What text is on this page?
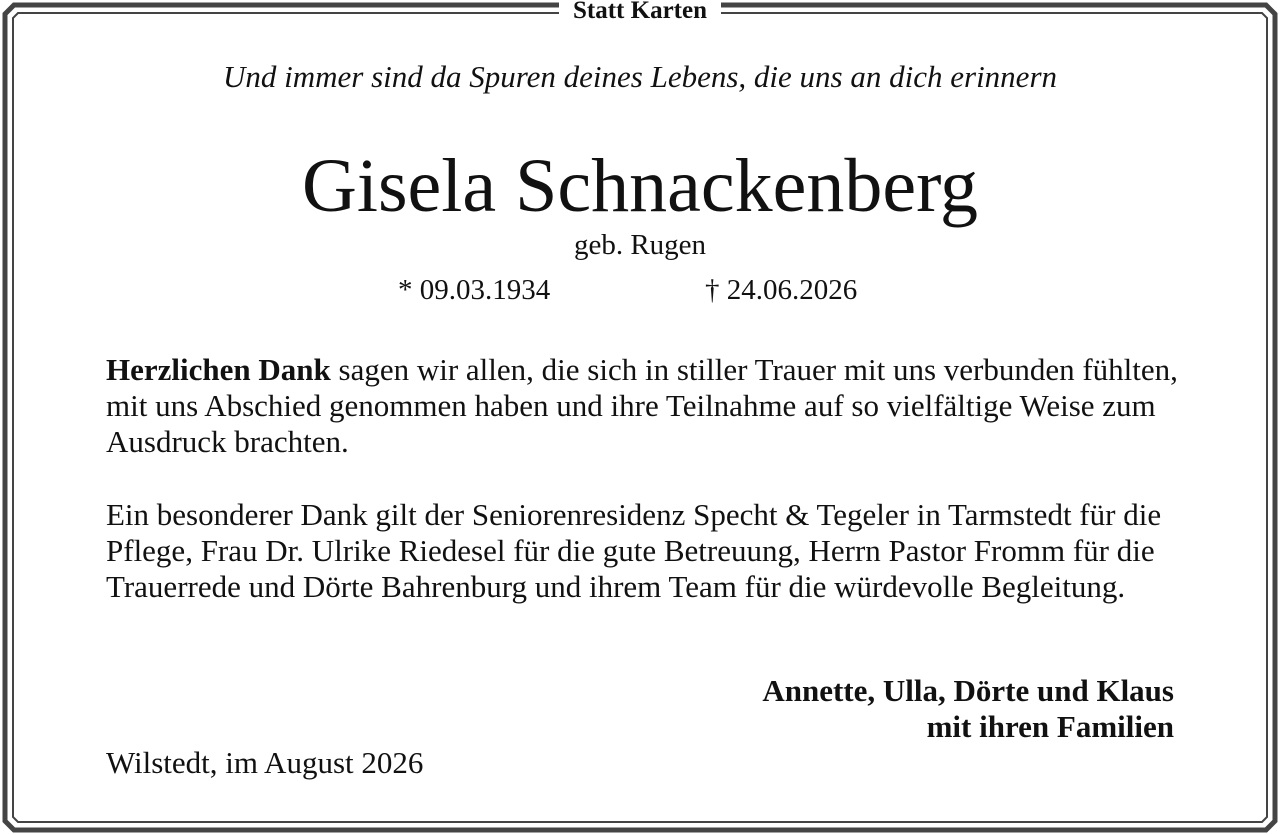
Statt Karten
Und immer sind da Spuren deines Lebens, die uns an dich erinnern
Gisela Schnackenberg
geb. Rugen
* 09.03.1934	† 24.06.2026
Herzlichen Dank sagen wir allen, die sich in stiller Trauer mit uns verbunden fühlten, mit uns Abschied genommen haben und ihre Teilnahme auf so vielfältige Weise zum Ausdruck brachten.
Ein besonderer Dank gilt der Seniorenresidenz Specht & Tegeler in Tarmstedt für die Pflege, Frau Dr. Ulrike Riedesel für die gute Betreuung, Herrn Pastor Fromm für die Trauerrede und Dörte Bahrenburg und ihrem Team für die würdevolle Begleitung.
Annette, Ulla, Dörte und Klaus
mit ihren Familien
Wilstedt, im August 2026
